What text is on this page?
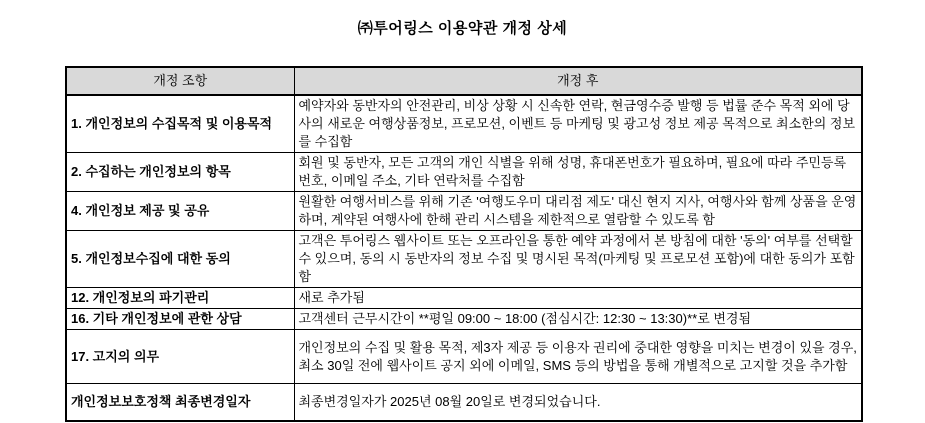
㈜투어링스 이용약관 개정 상세
개정 조항	개정 후
1. 개인정보의 수집목적 및 이용목적	예약자와 동반자의 안전관리, 비상 상황 시 신속한 연락, 현금영수증 발행 등 법률 준수 목적 외에 당사의 새로운 여행상품정보, 프로모션, 이벤트 등 마케팅 및 광고성 정보 제공 목적으로 최소한의 정보를 수집함
2. 수집하는 개인정보의 항목	회원 및 동반자, 모든 고객의 개인 식별을 위해 성명, 휴대폰번호가 필요하며, 필요에 따라 주민등록번호, 이메일 주소, 기타 연락처를 수집함
4. 개인정보 제공 및 공유	원활한 여행서비스를 위해 기존 '여행도우미 대리점 제도' 대신 현지 지사, 여행사와 함께 상품을 운영하며, 계약된 여행사에 한해 관리 시스템을 제한적으로 열람할 수 있도록 함
5. 개인정보수집에 대한 동의	고객은 투어링스 웹사이트 또는 오프라인을 통한 예약 과정에서 본 방침에 대한 '동의' 여부를 선택할 수 있으며, 동의 시 동반자의 정보 수집 및 명시된 목적(마케팅 및 프로모션 포함)에 대한 동의가 포함함
12. 개인정보의 파기관리	새로 추가됨
16. 기타 개인정보에 관한 상담	고객센터 근무시간이 **평일 09:00 ~ 18:00 (점심시간: 12:30 ~ 13:30)**로 변경됨
17. 고지의 의무	개인정보의 수집 및 활용 목적, 제3자 제공 등 이용자 권리에 중대한 영향을 미치는 변경이 있을 경우, 최소 30일 전에 웹사이트 공지 외에 이메일, SMS 등의 방법을 통해 개별적으로 고지할 것을 추가함
개인정보보호정책 최종변경일자	최종변경일자가 2025년 08월 20일로 변경되었습니다.
